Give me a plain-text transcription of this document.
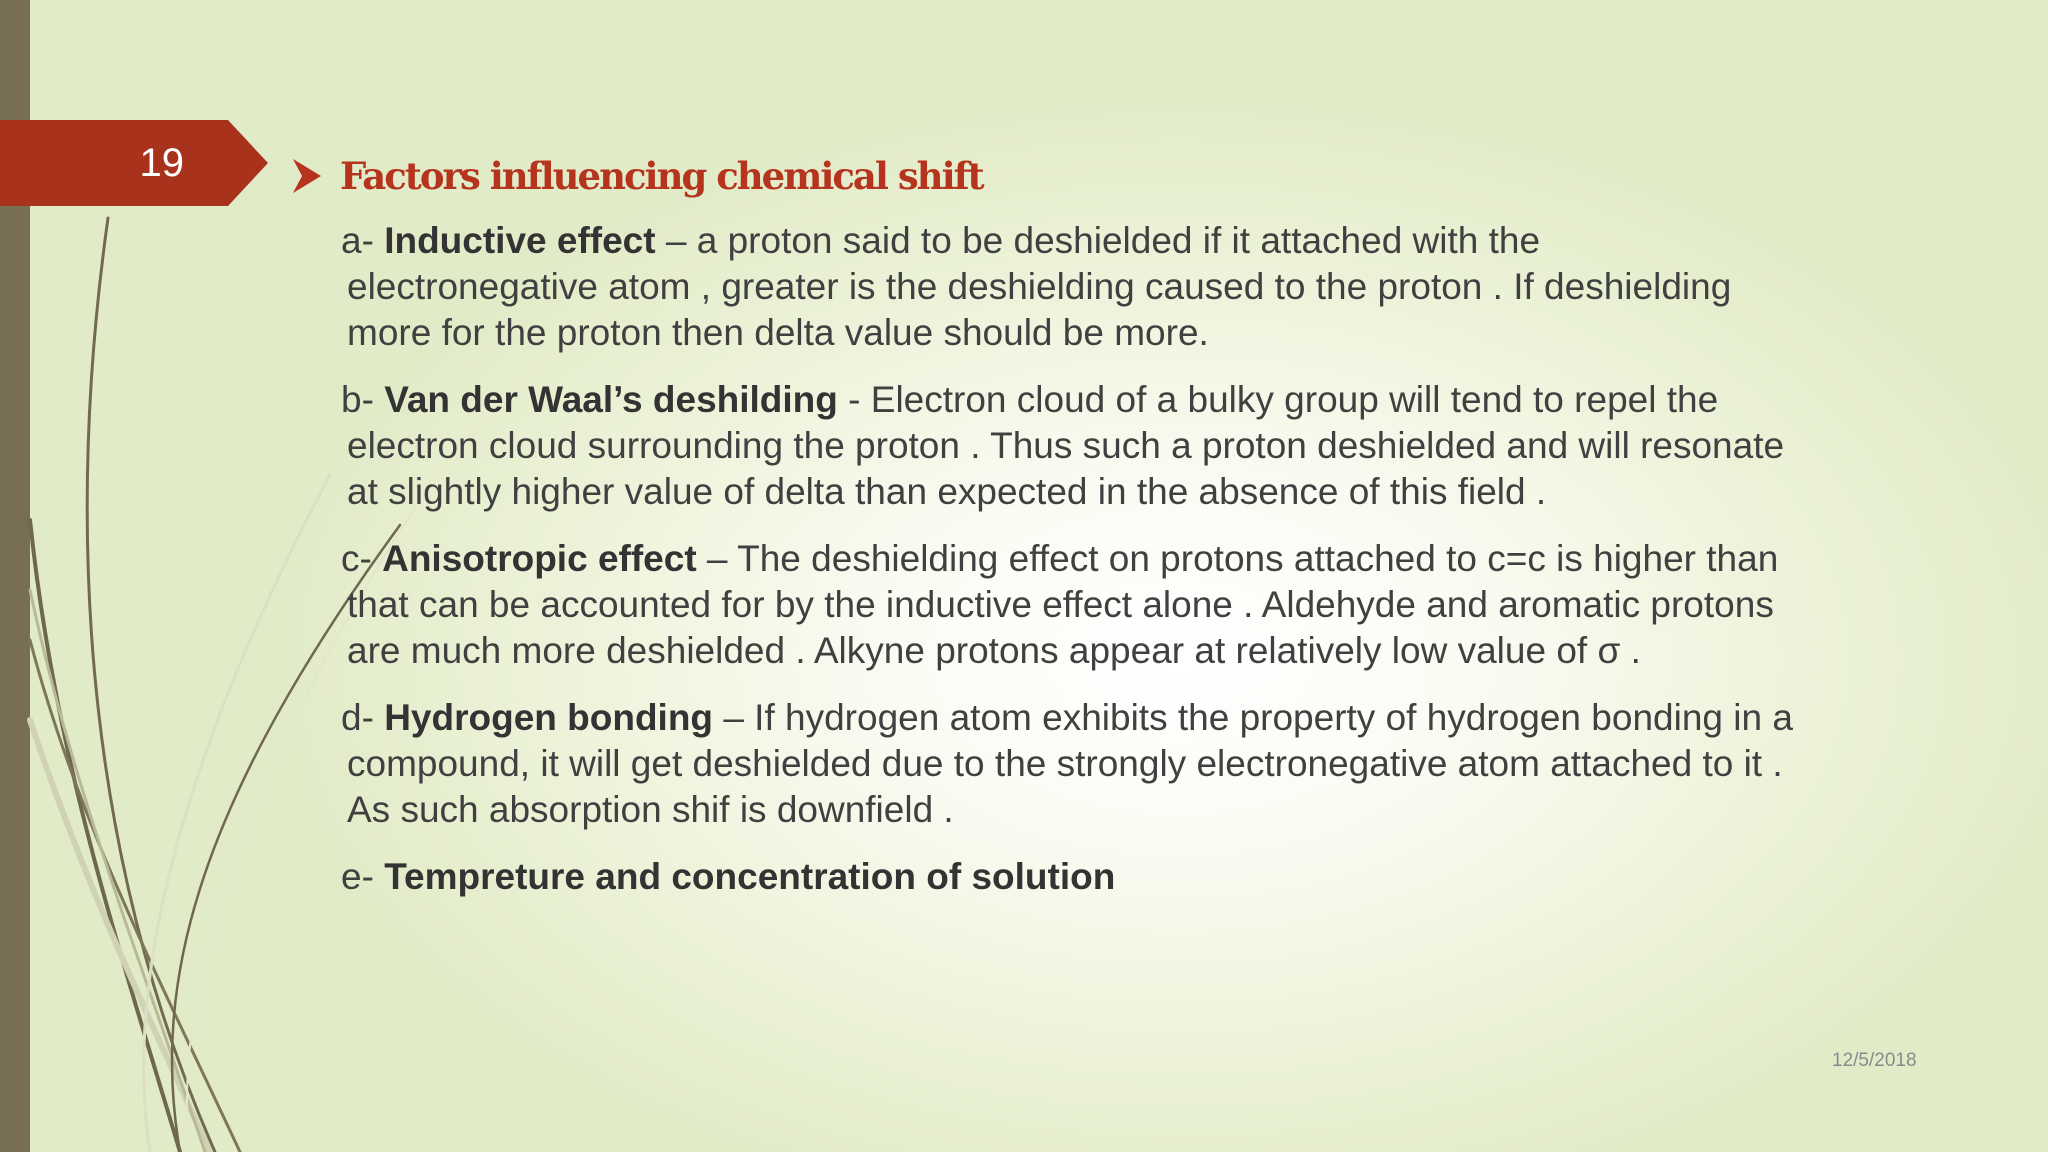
19	Factors influencing chemical shift

a- Inductive effect – a proton said to be deshielded if it attached with the electronegative atom , greater is the deshielding caused to the proton . If deshielding more for the proton then delta value should be more.

b- Van der Waal’s deshilding - Electron cloud of a bulky group will tend to repel the electron cloud surrounding the proton . Thus such a proton deshielded and will resonate at slightly higher value of delta than expected in the absence of this field .

c- Anisotropic effect – The deshielding effect on protons attached to c=c is higher than that can be accounted for by the inductive effect alone . Aldehyde and aromatic protons are much more deshielded . Alkyne protons appear at relatively low value of σ .

d- Hydrogen bonding – If hydrogen atom exhibits the property of hydrogen bonding in a compound, it will get deshielded due to the strongly electronegative atom attached to it . As such absorption shif is downfield .

e- Tempreture and concentration of solution

12/5/2018
